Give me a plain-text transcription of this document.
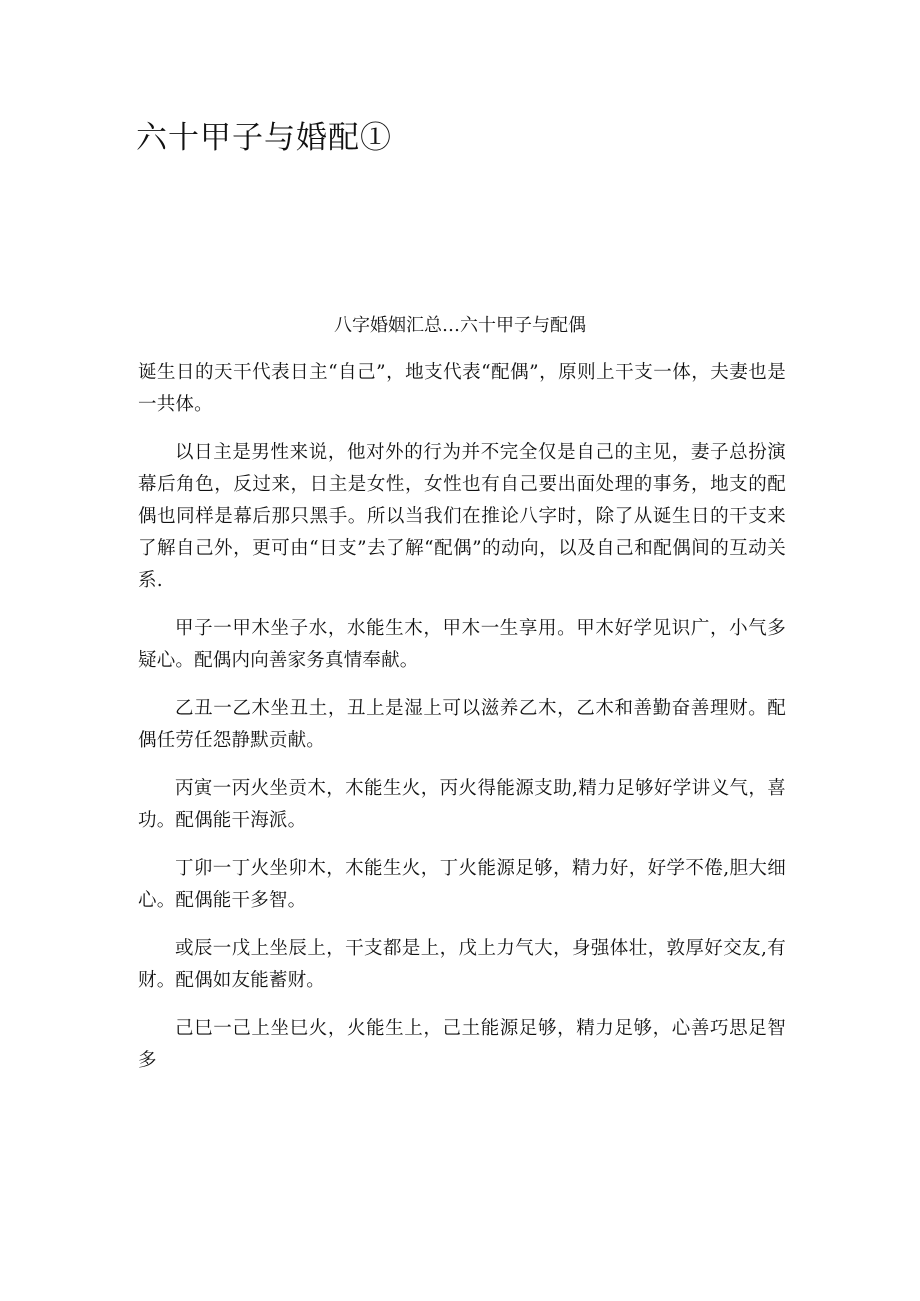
六十甲子与婚配①
八字婚姻汇总…六十甲子与配偶

诞生日的天干代表日主“自己”，地支代表“配偶”，原则上干支一体，夫妻也是一共体。

以日主是男性来说，他对外的行为并不完全仅是自己的主见，妻子总扮演幕后角色，反过来，日主是女性，女性也有自己要出面处理的事务，地支的配偶也同样是幕后那只黑手。所以当我们在推论八字时，除了从诞生日的干支来了解自己外，更可由“日支”去了解“配偶”的动向，以及自己和配偶间的互动关系.

甲子一甲木坐子水，水能生木，甲木一生享用。甲木好学见识广，小气多疑心。配偶内向善家务真情奉献。

乙丑一乙木坐丑土，丑上是湿上可以滋养乙木，乙木和善勤奋善理财。配偶任劳任怨静默贡献。

丙寅一丙火坐贡木，木能生火，丙火得能源支助,精力足够好学讲义气，喜功。配偶能干海派。

丁卯一丁火坐卯木，木能生火，丁火能源足够，精力好，好学不倦,胆大细心。配偶能干多智。

或辰一戊上坐辰上，干支都是上，戊上力气大，身强体壮，敦厚好交友,有财。配偶如友能蓄财。

己巳一己上坐巳火，火能生上，己土能源足够，精力足够，心善巧思足智多
